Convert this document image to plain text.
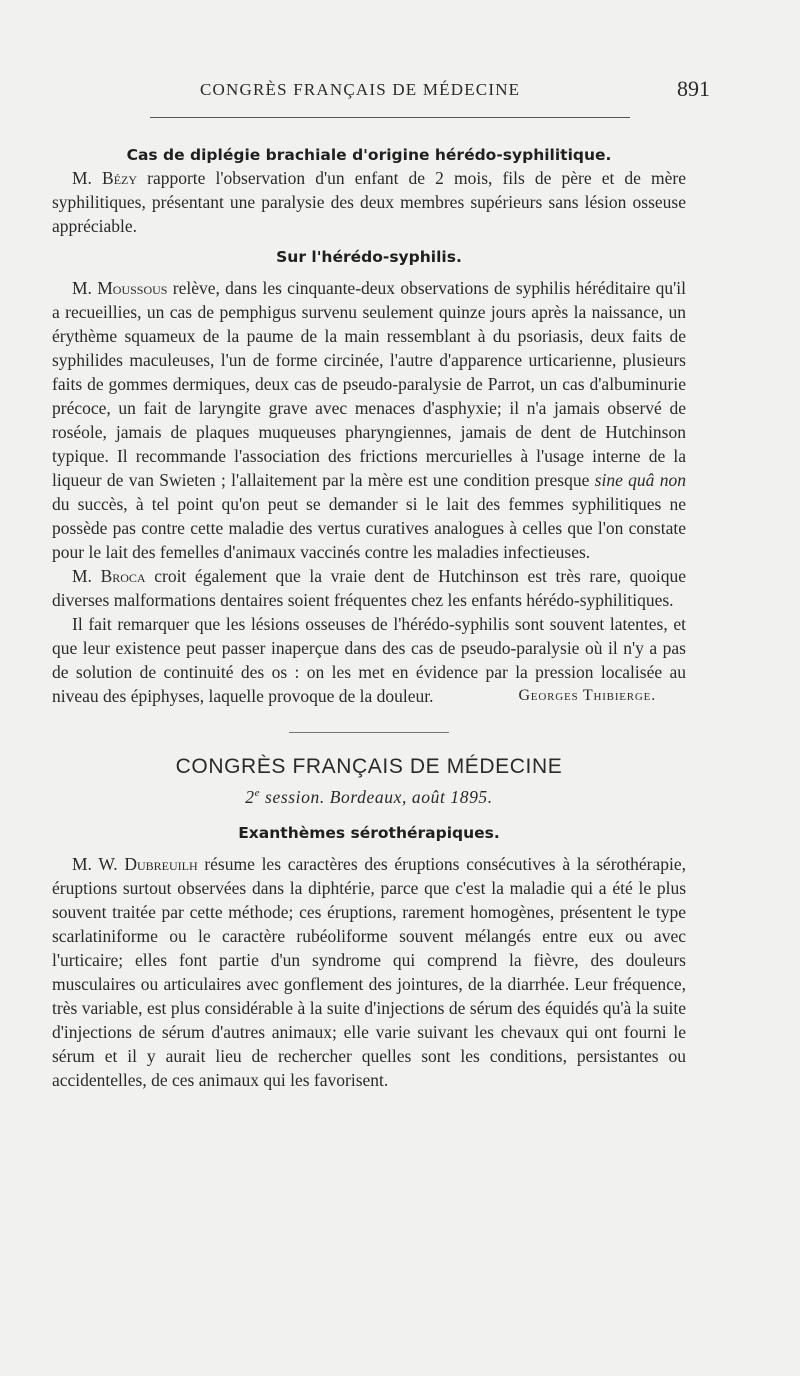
CONGRÈS FRANÇAIS DE MÉDECINE	891
Cas de diplégie brachiale d'origine hérédo-syphilitique.

M. Bézy rapporte l'observation d'un enfant de 2 mois, fils de père et de mère syphilitiques, présentant une paralysie des deux membres supérieurs sans lésion osseuse appréciable.

Sur l'hérédo-syphilis.

M. Moussous relève, dans les cinquante-deux observations de syphilis héréditaire qu'il a recueillies, un cas de pemphigus survenu seulement quinze jours après la naissance, un érythème squameux de la paume de la main ressemblant à du psoriasis, deux faits de syphilides maculeuses, l'un de forme circinée, l'autre d'apparence urticarienne, plusieurs faits de gommes dermiques, deux cas de pseudo-paralysie de Parrot, un cas d'albuminurie précoce, un fait de laryngite grave avec menaces d'asphyxie; il n'a jamais observé de roséole, jamais de plaques muqueuses pharyngiennes, jamais de dent de Hutchinson typique. Il recommande l'association des frictions mercurielles à l'usage interne de la liqueur de van Swieten ; l'allaitement par la mère est une condition presque sine quâ non du succès, à tel point qu'on peut se demander si le lait des femmes syphilitiques ne possède pas contre cette maladie des vertus curatives analogues à celles que l'on constate pour le lait des femelles d'animaux vaccinés contre les maladies infectieuses.

M. Broca croit également que la vraie dent de Hutchinson est très rare, quoique diverses malformations dentaires soient fréquentes chez les enfants hérédo-syphilitiques.

Il fait remarquer que les lésions osseuses de l'hérédo-syphilis sont souvent latentes, et que leur existence peut passer inaperçue dans des cas de pseudo-paralysie où il n'y a pas de solution de continuité des os : on les met en évidence par la pression localisée au niveau des épiphyses, laquelle provoque de la douleur.	Georges Thibierge.

CONGRÈS FRANÇAIS DE MÉDECINE
2e session. Bordeaux, août 1895.
Exanthèmes sérothérapiques.

M. W. Dubreuilh résume les caractères des éruptions consécutives à la sérothérapie, éruptions surtout observées dans la diphtérie, parce que c'est la maladie qui a été le plus souvent traitée par cette méthode; ces éruptions, rarement homogènes, présentent le type scarlatiniforme ou le caractère rubéoliforme souvent mélangés entre eux ou avec l'urticaire; elles font partie d'un syndrome qui comprend la fièvre, des douleurs musculaires ou articulaires avec gonflement des jointures, de la diarrhée. Leur fréquence, très variable, est plus considérable à la suite d'injections de sérum des équidés qu'à la suite d'injections de sérum d'autres animaux; elle varie suivant les chevaux qui ont fourni le sérum et il y aurait lieu de rechercher quelles sont les conditions, persistantes ou accidentelles, de ces animaux qui les favorisent.
